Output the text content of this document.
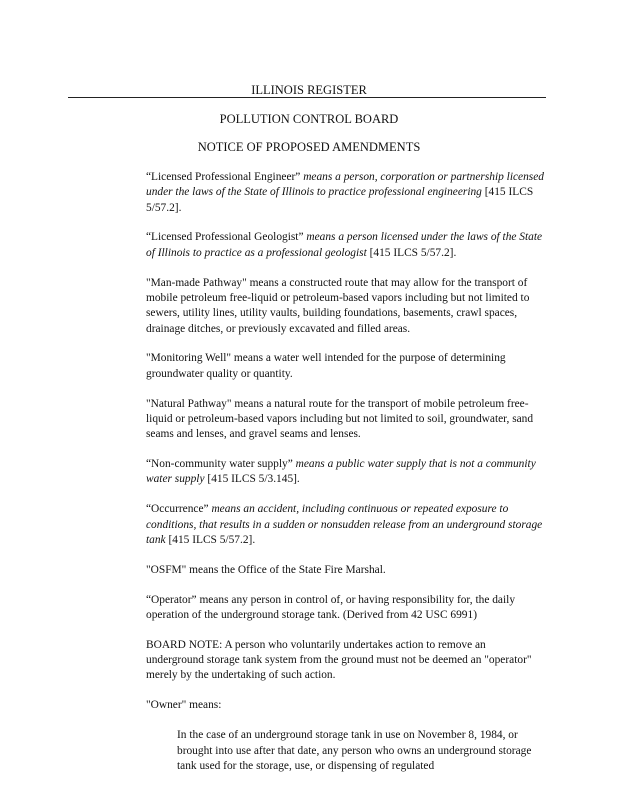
ILLINOIS REGISTER
POLLUTION CONTROL BOARD
NOTICE OF PROPOSED AMENDMENTS

“Licensed Professional Engineer” means a person, corporation or partnership licensed under the laws of the State of Illinois to practice professional engineering [415 ILCS 5/57.2].

“Licensed Professional Geologist” means a person licensed under the laws of the State of Illinois to practice as a professional geologist [415 ILCS 5/57.2].

"Man-made Pathway" means a constructed route that may allow for the transport of mobile petroleum free-liquid or petroleum-based vapors including but not limited to sewers, utility lines, utility vaults, building foundations, basements, crawl spaces, drainage ditches, or previously excavated and filled areas.

"Monitoring Well" means a water well intended for the purpose of determining groundwater quality or quantity.

"Natural Pathway" means a natural route for the transport of mobile petroleum free-liquid or petroleum-based vapors including but not limited to soil, groundwater, sand seams and lenses, and gravel seams and lenses.

“Non-community water supply” means a public water supply that is not a community water supply [415 ILCS 5/3.145].

“Occurrence” means an accident, including continuous or repeated exposure to conditions, that results in a sudden or nonsudden release from an underground storage tank [415 ILCS 5/57.2].

"OSFM" means the Office of the State Fire Marshal.

“Operator” means any person in control of, or having responsibility for, the daily operation of the underground storage tank. (Derived from 42 USC 6991)

BOARD NOTE: A person who voluntarily undertakes action to remove an underground storage tank system from the ground must not be deemed an "operator" merely by the undertaking of such action.

"Owner" means:

In the case of an underground storage tank in use on November 8, 1984, or brought into use after that date, any person who owns an underground storage tank used for the storage, use, or dispensing of regulated
